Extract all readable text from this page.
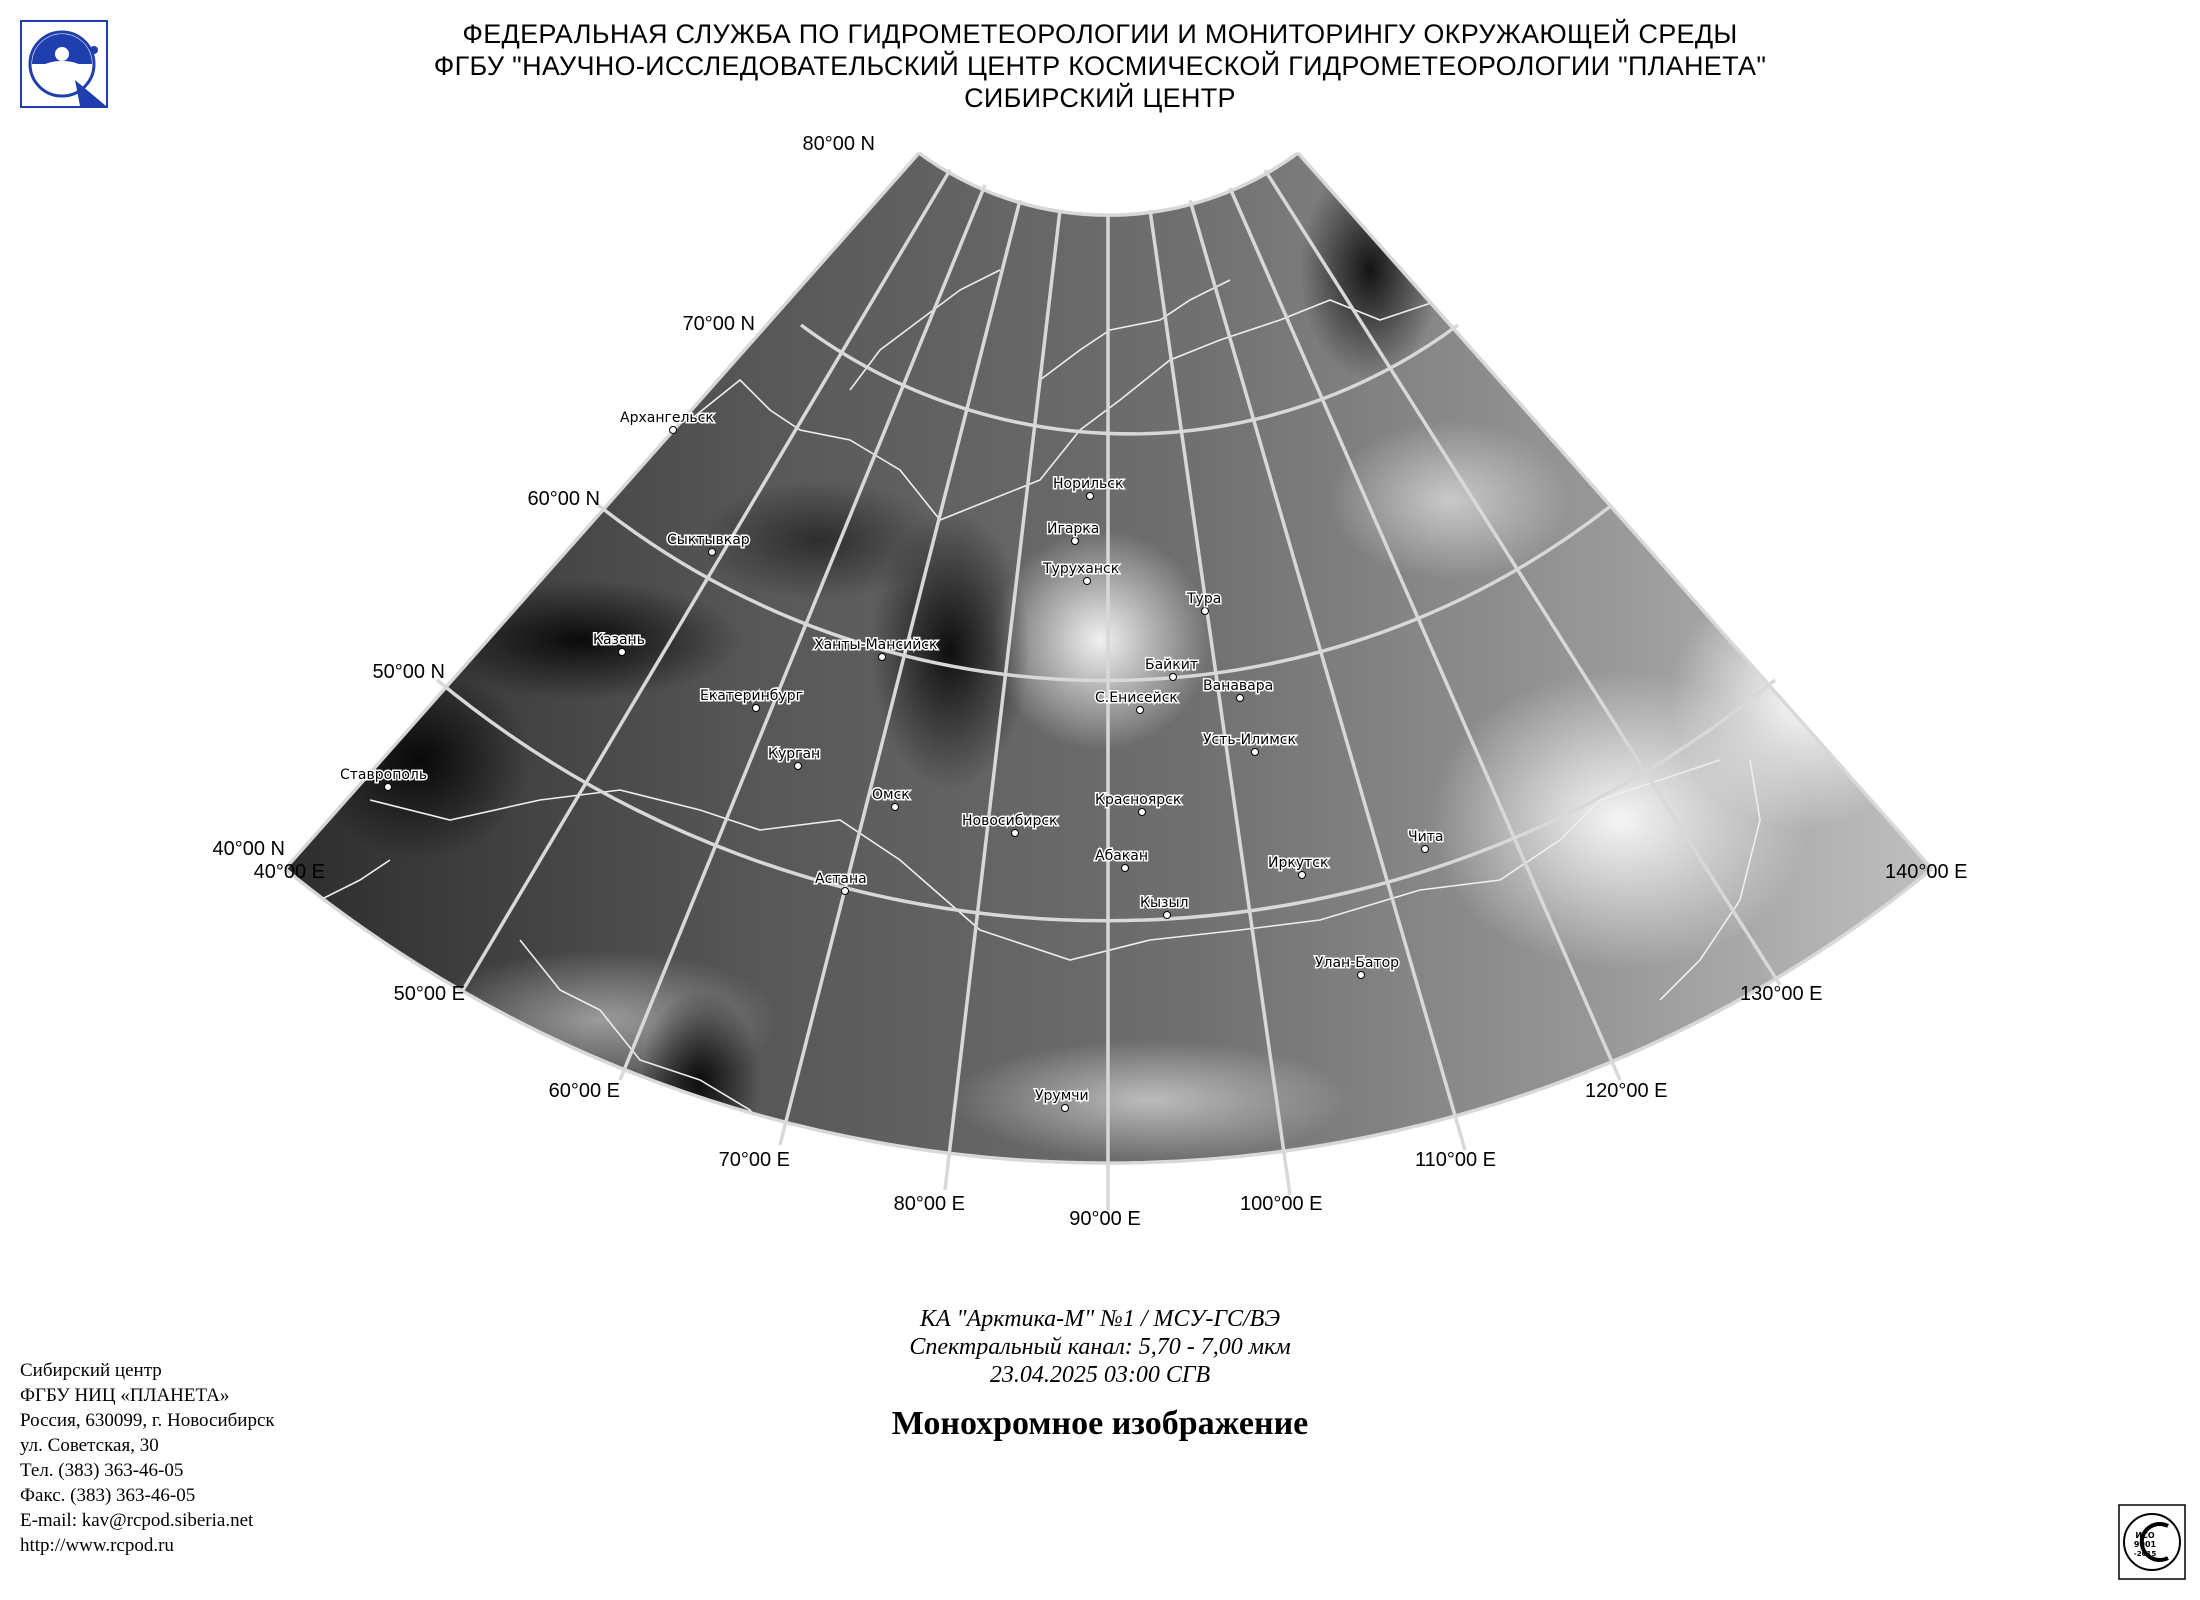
ФЕДЕРАЛЬНАЯ СЛУЖБА ПО ГИДРОМЕТЕОРОЛОГИИ И МОНИТОРИНГУ ОКРУЖАЮЩЕЙ СРЕДЫ
ФГБУ "НАУЧНО-ИССЛЕДОВАТЕЛЬСКИЙ ЦЕНТР КОСМИЧЕСКОЙ ГИДРОМЕТЕОРОЛОГИИ "ПЛАНЕТА"
СИБИРСКИЙ ЦЕНТР
80°00 N
70°00 N
60°00 N
50°00 N
40°00 N
40°00 E
50°00 E
60°00 E
70°00 E
80°00 E
90°00 E
100°00 E
110°00 E
120°00 E
130°00 E
140°00 E
Архангельск
Сыктывкар
Казань
Ставрополь
Екатеринбург
Ханты-Мансийск
Курган
Омск
Астана
Новосибирск
Норильск
Игарка
Туруханск
Тура
Байкит
Ванавара
С.Енисейск
Усть-Илимск
Красноярск
Абакан
Кызыл
Иркутск
Чита
Улан-Батор
Урумчи
КА "Арктика-М" №1 / МСУ-ГС/ВЭ
Спектральный канал: 5,70 - 7,00 мкм
23.04.2025 03:00 СГВ
Монохромное изображение
Сибирский центр
ФГБУ НИЦ «ПЛАНЕТА»
Россия, 630099, г. Новосибирск
ул. Советская, 30
Тел. (383) 363-46-05
Факс. (383) 363-46-05
E-mail: kav@rcpod.siberia.net
http://www.rcpod.ru	ИСО
9001
-2015
